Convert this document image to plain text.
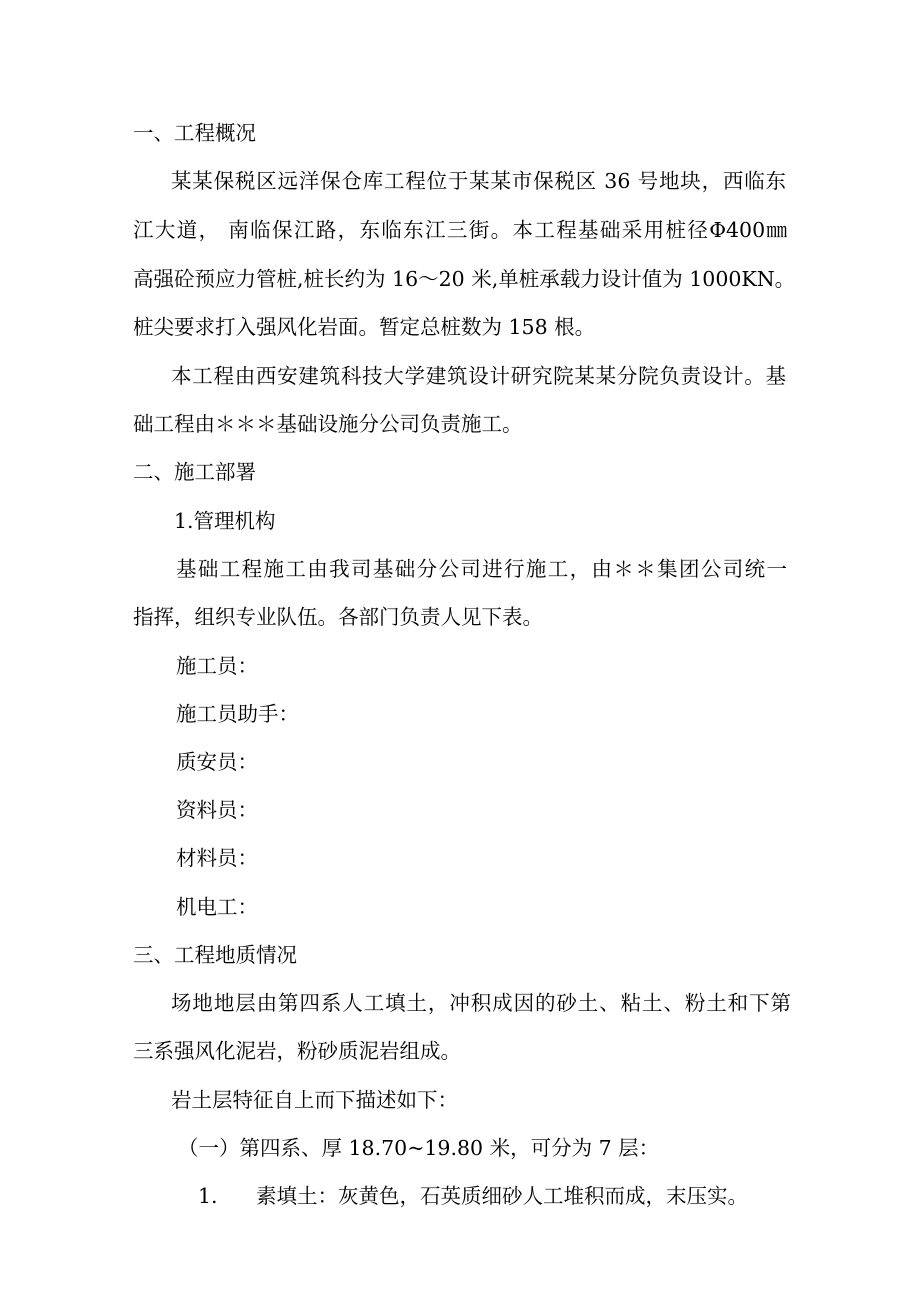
一、工程概况
某某保税区远洋保仓库工程位于某某市保税区 36 号地块，西临东
江大道， 南临保江路，东临东江三街。本工程基础采用桩径Φ400㎜
高强砼预应力管桩,桩长约为 16～20 米,单桩承载力设计值为 1000KN。
桩尖要求打入强风化岩面。暂定总桩数为 158 根。
本工程由西安建筑科技大学建筑设计研究院某某分院负责设计。基
础工程由＊＊＊基础设施分公司负责施工。
二、施工部署
1.管理机构
基础工程施工由我司基础分公司进行施工，由＊＊集团公司统一
指挥，组织专业队伍。各部门负责人见下表。
施工员：
施工员助手：
质安员：
资料员：
材料员：
机电工：
三、工程地质情况
场地地层由第四系人工填土，冲积成因的砂土、粘土、粉土和下第
三系强风化泥岩，粉砂质泥岩组成。
岩土层特征自上而下描述如下：
（一）第四系、厚 18.70~19.80 米，可分为 7 层：
1. 素填土：灰黄色，石英质细砂人工堆积而成，末压实。
